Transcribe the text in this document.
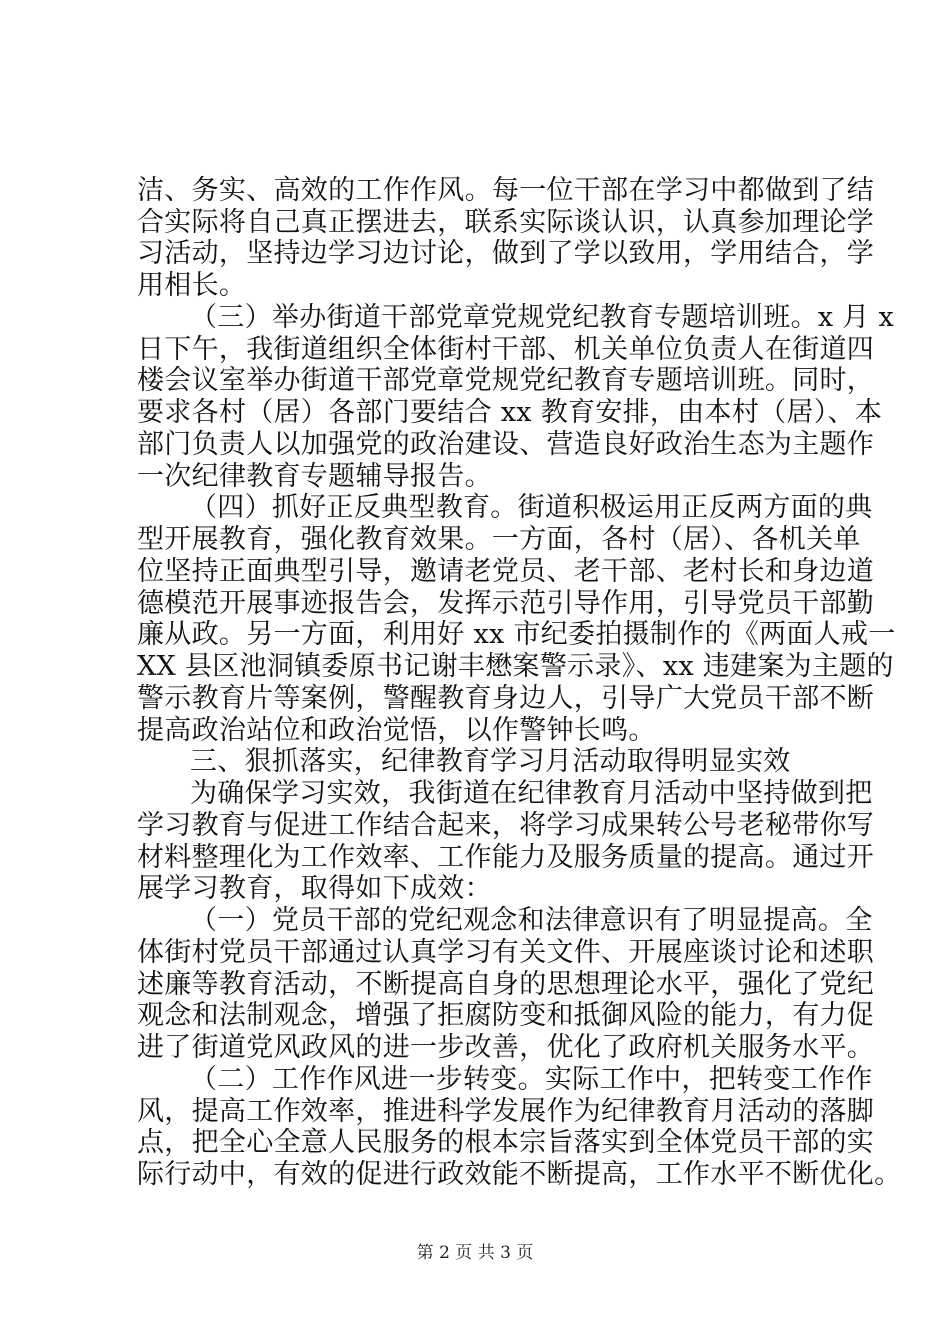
洁、务实、高效的工作作风。每一位干部在学习中都做到了结
合实际将自己真正摆进去，联系实际谈认识，认真参加理论学
习活动，坚持边学习边讨论，做到了学以致用，学用结合，学
用相长。
（三）举办街道干部党章党规党纪教育专题培训班。x 月 x
日下午，我街道组织全体街村干部、机关单位负责人在街道四
楼会议室举办街道干部党章党规党纪教育专题培训班。同时，
要求各村（居）各部门要结合 xx 教育安排，由本村（居）、本
部门负责人以加强党的政治建设、营造良好政治生态为主题作
一次纪律教育专题辅导报告。
（四）抓好正反典型教育。街道积极运用正反两方面的典
型开展教育，强化教育效果。一方面，各村（居）、各机关单
位坚持正面典型引导，邀请老党员、老干部、老村长和身边道
德模范开展事迹报告会，发挥示范引导作用，引导党员干部勤
廉从政。另一方面，利用好 xx 市纪委拍摄制作的《两面人戒一
XX 县区池洞镇委原书记谢丰懋案警示录》、xx 违建案为主题的
警示教育片等案例，警醒教育身边人，引导广大党员干部不断
提高政治站位和政治觉悟，以作警钟长鸣。
三、狠抓落实，纪律教育学习月活动取得明显实效
为确保学习实效，我街道在纪律教育月活动中坚持做到把
学习教育与促进工作结合起来，将学习成果转公号老秘带你写
材料整理化为工作效率、工作能力及服务质量的提高。通过开
展学习教育，取得如下成效：
（一）党员干部的党纪观念和法律意识有了明显提高。全
体街村党员干部通过认真学习有关文件、开展座谈讨论和述职
述廉等教育活动，不断提高自身的思想理论水平，强化了党纪
观念和法制观念，增强了拒腐防变和抵御风险的能力，有力促
进了街道党风政风的进一步改善，优化了政府机关服务水平。
（二）工作作风进一步转变。实际工作中，把转变工作作
风，提高工作效率，推进科学发展作为纪律教育月活动的落脚
点，把全心全意人民服务的根本宗旨落实到全体党员干部的实
际行动中，有效的促进行政效能不断提高，工作水平不断优化。
第 2 页 共 3 页
